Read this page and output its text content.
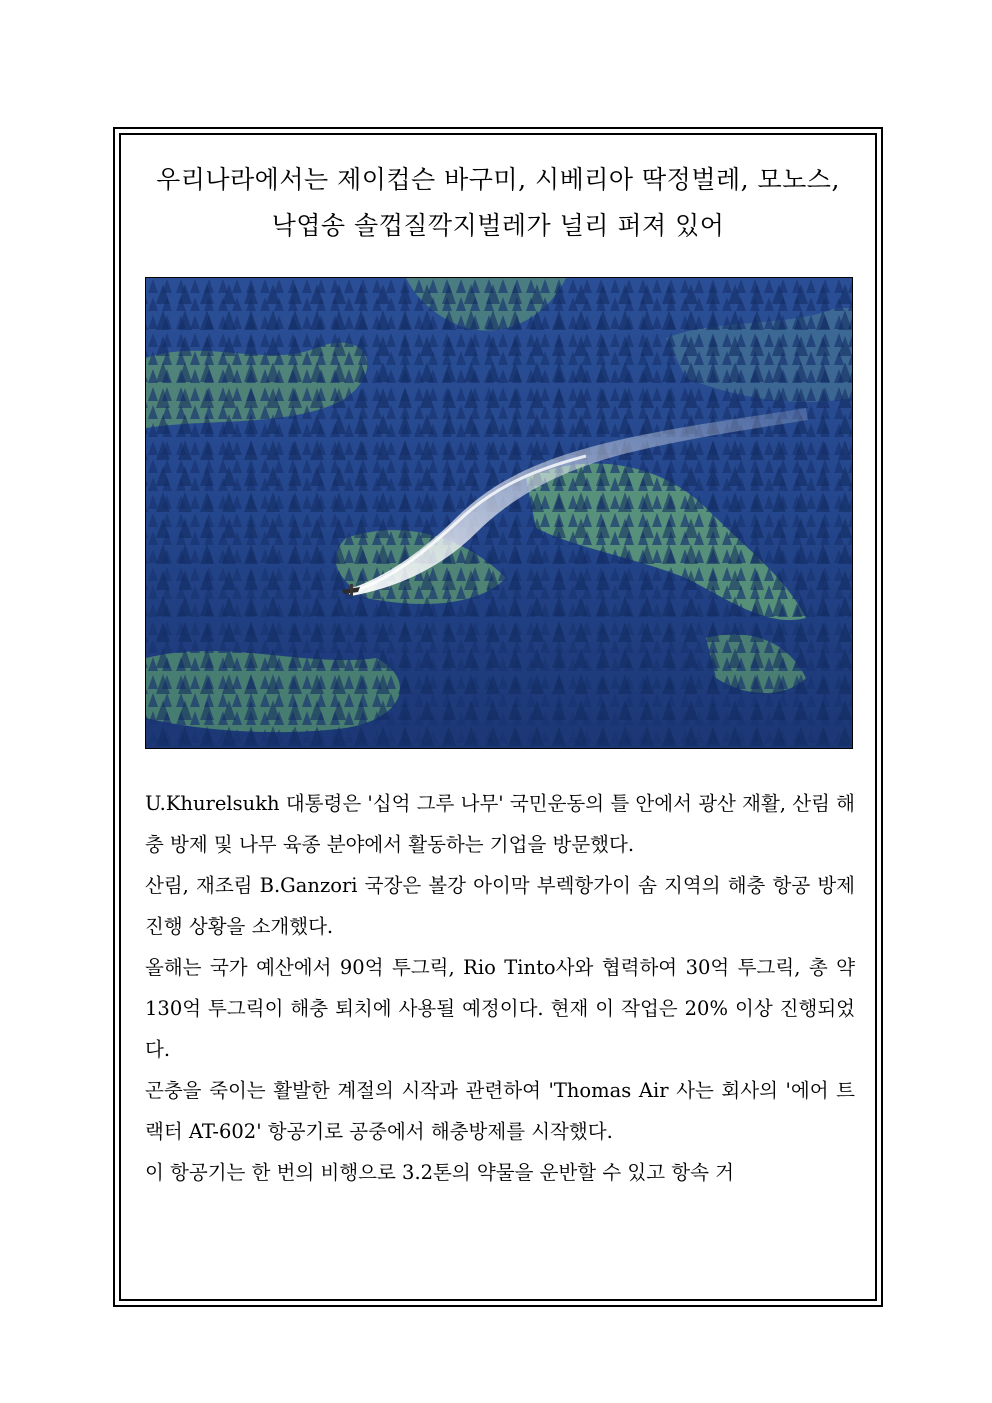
우리나라에서는 제이컵슨 바구미, 시베리아 딱정벌레, 모노스,
낙엽송 솔껍질깍지벌레가 널리 퍼져 있어

U.Khurelsukh 대통령은 '십억 그루 나무' 국민운동의 틀 안에서 광산 재활, 산림 해충 방제 및 나무 육종 분야에서 활동하는 기업을 방문했다.

산림, 재조림 B.Ganzori 국장은 볼강 아이막 부렉항가이 솜 지역의 해충 항공 방제 진행 상황을 소개했다.

올해는 국가 예산에서 90억 투그릭, Rio Tinto사와 협력하여 30억 투그릭, 총 약 130억 투그릭이 해충 퇴치에 사용될 예정이다. 현재 이 작업은 20% 이상 진행되었다.

곤충을 죽이는 활발한 계절의 시작과 관련하여 'Thomas Air 사는 회사의 '에어 트랙터 AT-602' 항공기로 공중에서 해충방제를 시작했다.

이 항공기는 한 번의 비행으로 3.2톤의 약물을 운반할 수 있고 항속 거
